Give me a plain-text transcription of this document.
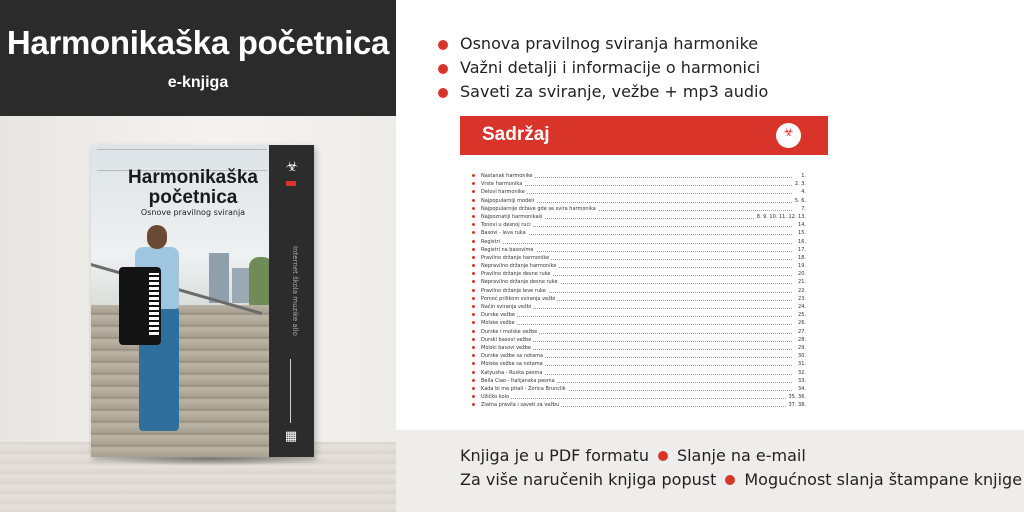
Harmonikaška početnica
e-knjiga
Harmonikaška
početnica
Osnove pravilnog sviranja
☣
Internet škola muzike allo
▦
Osnova pravilnog sviranja harmonike
Važni detalji i informacije o harmonici
Saveti za sviranje, vežbe + mp3 audio
Sadržaj	☣
Nastanak harmonike	1.
Vrste harmonika	2. 3.
Delovi harmonike	4.
Najpopularniji modeli	5. 6.
Najpopularnije države gde se svira harmonika	7.
Najpoznatiji harmonikaši	8. 9. 10. 11. 12. 13.
Tonovi u desnoj ruci	14.
Basovi - leva ruka	15.
Registri	16.
Registri na basovime	17.
Pravilno držanje harmonike	18.
Nepravilno držanje harmonike	19.
Pravilno držanje desne ruke	20.
Nepravilno držanje desne ruke	21.
Pravilno držanje leve ruke	22.
Pomoć prilikom sviranja vežbi	23.
Način sviranja vežbi	24.
Durske vežbe	25.
Molske vežbe	26.
Durske i molske vežbe	27.
Durski basovi vežbe	28.
Molski basovi vežbe	29.
Durske vežbe sa notama	30.
Molske vežbe sa notama	31.
Katyusha - Ruska pesma	32.
Bella Ciao - Italijanska pesma	33.
Kada bi me pitali - Zorica Brunclik	34.
Užičko kolo	35. 36.
Zlatna pravila i saveti za vežbu	37. 38.
Knjiga je u PDF formatu Slanje na e-mail
Za više naručenih knjiga popust Mogućnost slanja štampane knjige
